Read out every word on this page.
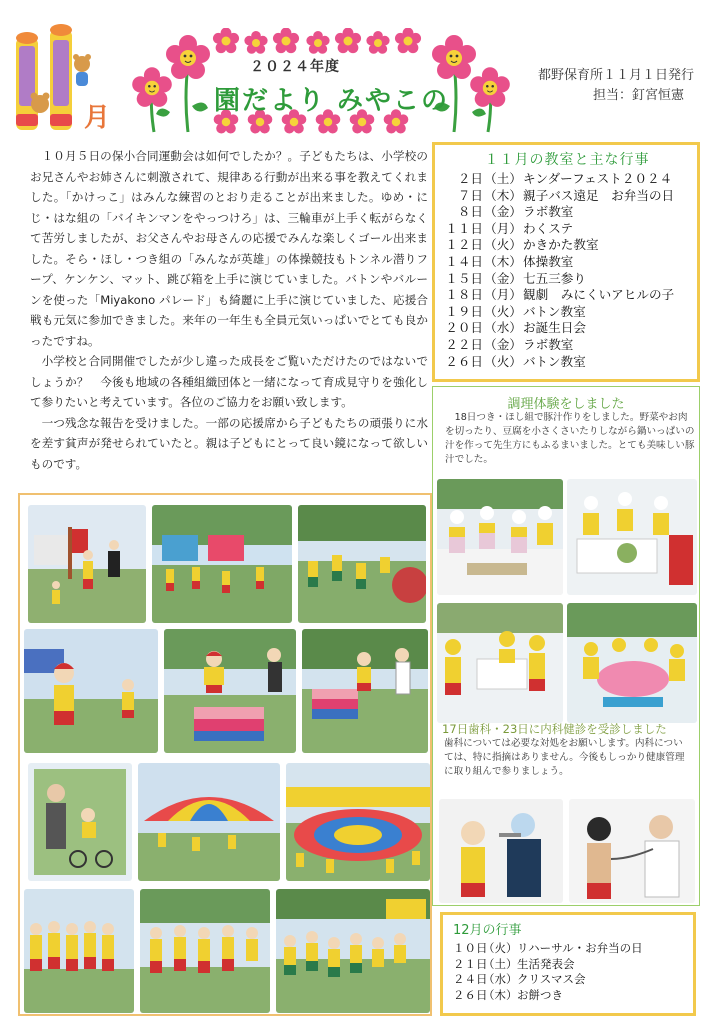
月
２０２４年度
園だより みやこの
都野保育所１１月１日発行
担当：釘宮恒憲

１０月５日の保小合同運動会は如何でしたか？。子どもたちは、小学校のお兄さんやお姉さんに刺激されて、規律ある行動が出来る事を教えてくれました。「かけっこ」はみんな練習のとおり走ることが出来ました。ゆめ・にじ・はな組の「バイキンマンをやっつけろ」は、三輪車が上手く転がらなくて苦労しましたが、お父さんやお母さんの応援でみんな楽しくゴール出来ました。そら・ほし・つき組の「みんなが英雄」の体操競技もトンネル潜りフープ、ケンケン、マット、跳び箱を上手に演じていました。バトンやバルーンを使った「Miyakono パレード」も綺麗に上手に演じていました、応援合戦も元気に参加できました。来年の一年生も全員元気いっぱいでとても良かったですね。

小学校と合同開催でしたが少し違った成長をご覧いただけたのではないでしょうか？　今後も地域の各種組織団体と一緒になって育成見守りを強化して参りたいと考えています。各位のご協力をお願い致します。

一つ残念な報告を受けました。一部の応援席から子どもたちの頑張りに水を差す貧声が発せられていたと。親は子どもにとって良い鏡になって欲しいものです。

１１月の教室と主な行事
２日（土）キンダーフェスト２０２４
７日（木）親子バス遠足　お弁当の日
８日（金）ラボ教室
１１日（月）わくステ
１２日（火）かきかた教室
１４日（木）体操教室
１５日（金）七五三参り
１８日（月）観劇　みにくいアヒルの子
１９日（火）バトン教室
２０日（水）お誕生日会
２２日（金）ラボ教室
２６日（火）バトン教室
調理体験をしました

18日つき・ほし組で豚汁作りをしました。野菜やお肉を切ったり、豆腐を小さくさいたりしながら鍋いっぱいの汁を作って先生方にもふるまいました。とても美味しい豚汁でした。

17日歯科・23日に内科健診を受診しました

歯科については必要な対処をお願いします。内科については、特に指摘はありません。今後もしっかり健康管理に取り組んで参りましょう。

12月の行事
１０日（火）リハーサル・お弁当の日
２１日（土）生活発表会
２４日（水）クリスマス会
２６日（木）お餅つき
